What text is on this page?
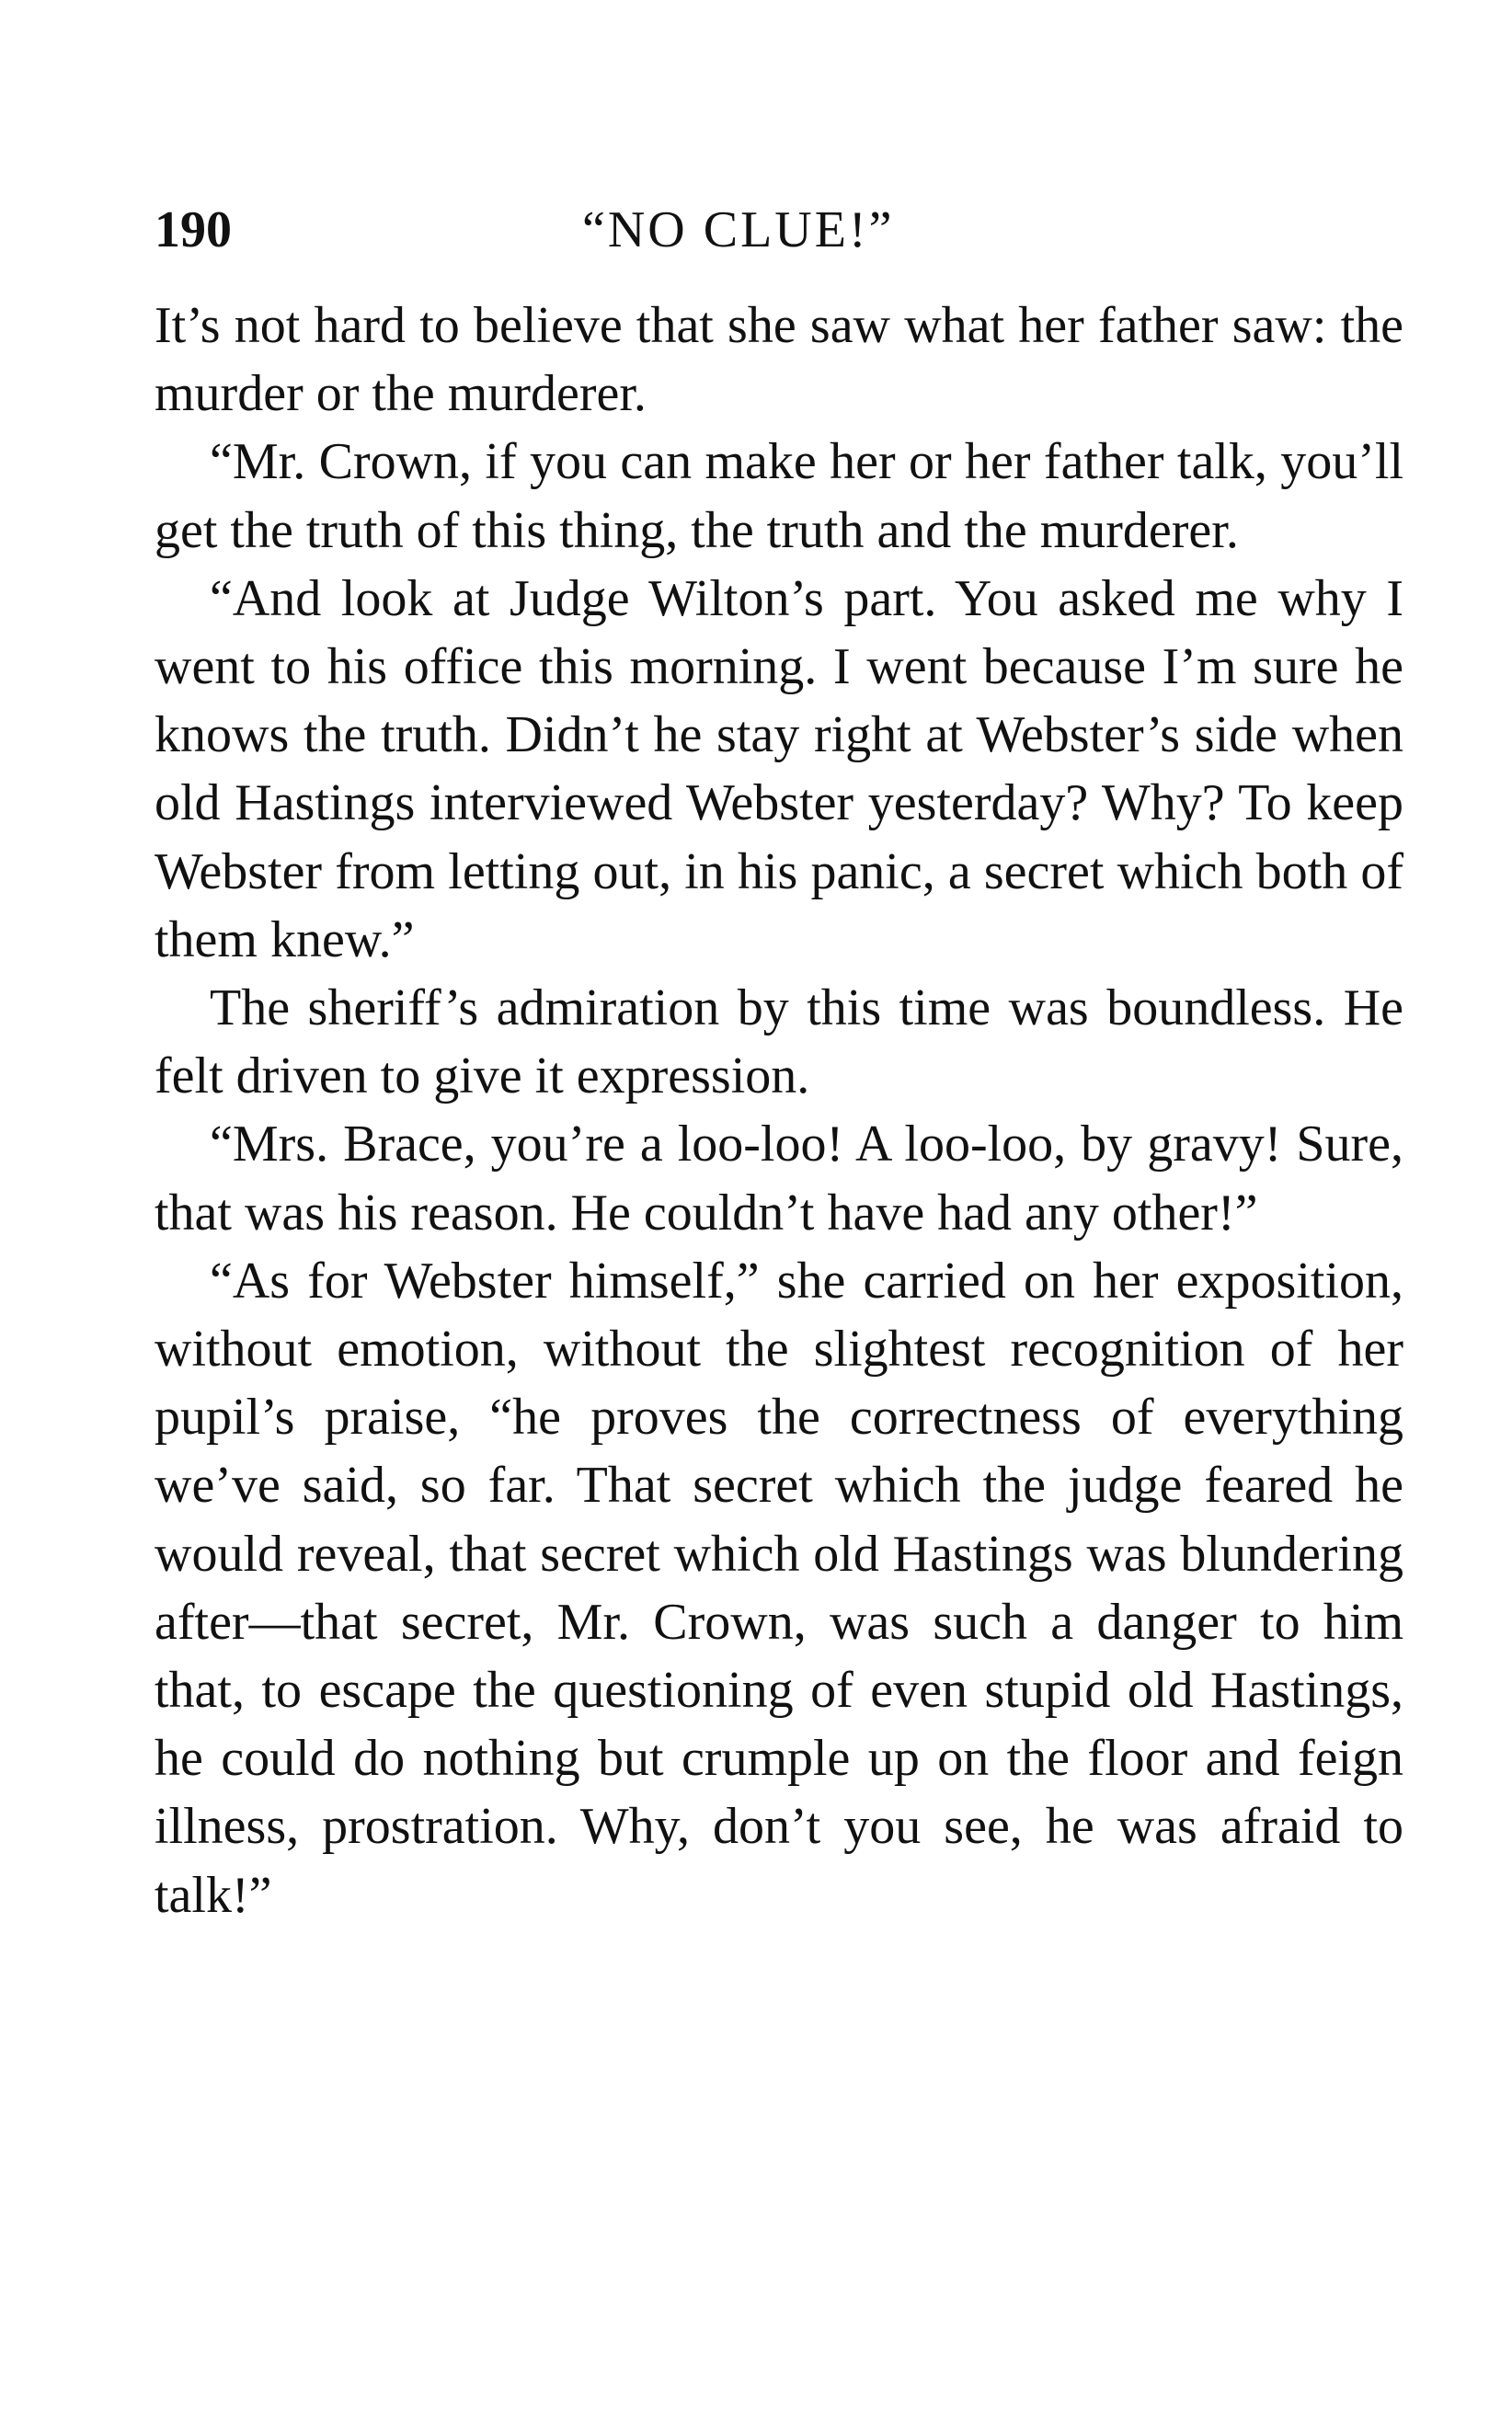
190	“NO CLUE!”

It’s not hard to believe that she saw what her father saw: the murder or the murderer.

“Mr. Crown, if you can make her or her father talk, you’ll get the truth of this thing, the truth and the murderer.

“And look at Judge Wilton’s part. You asked me why I went to his office this morning. I went because I’m sure he knows the truth. Didn’t he stay right at Webster’s side when old Hastings interviewed Webster yesterday? Why? To keep Webster from letting out, in his panic, a secret which both of them knew.”

The sheriff’s admiration by this time was boundless. He felt driven to give it expression.

“Mrs. Brace, you’re a loo-loo! A loo-loo, by gravy! Sure, that was his reason. He couldn’t have had any other!”

“As for Webster himself,” she carried on her exposition, without emotion, without the slightest recognition of her pupil’s praise, “he proves the correctness of everything we’ve said, so far. That secret which the judge feared he would reveal, that secret which old Hastings was blundering after—that secret, Mr. Crown, was such a danger to him that, to escape the questioning of even stupid old Hastings, he could do nothing but crumple up on the floor and feign illness, prostration. Why, don’t you see, he was afraid to talk!”
